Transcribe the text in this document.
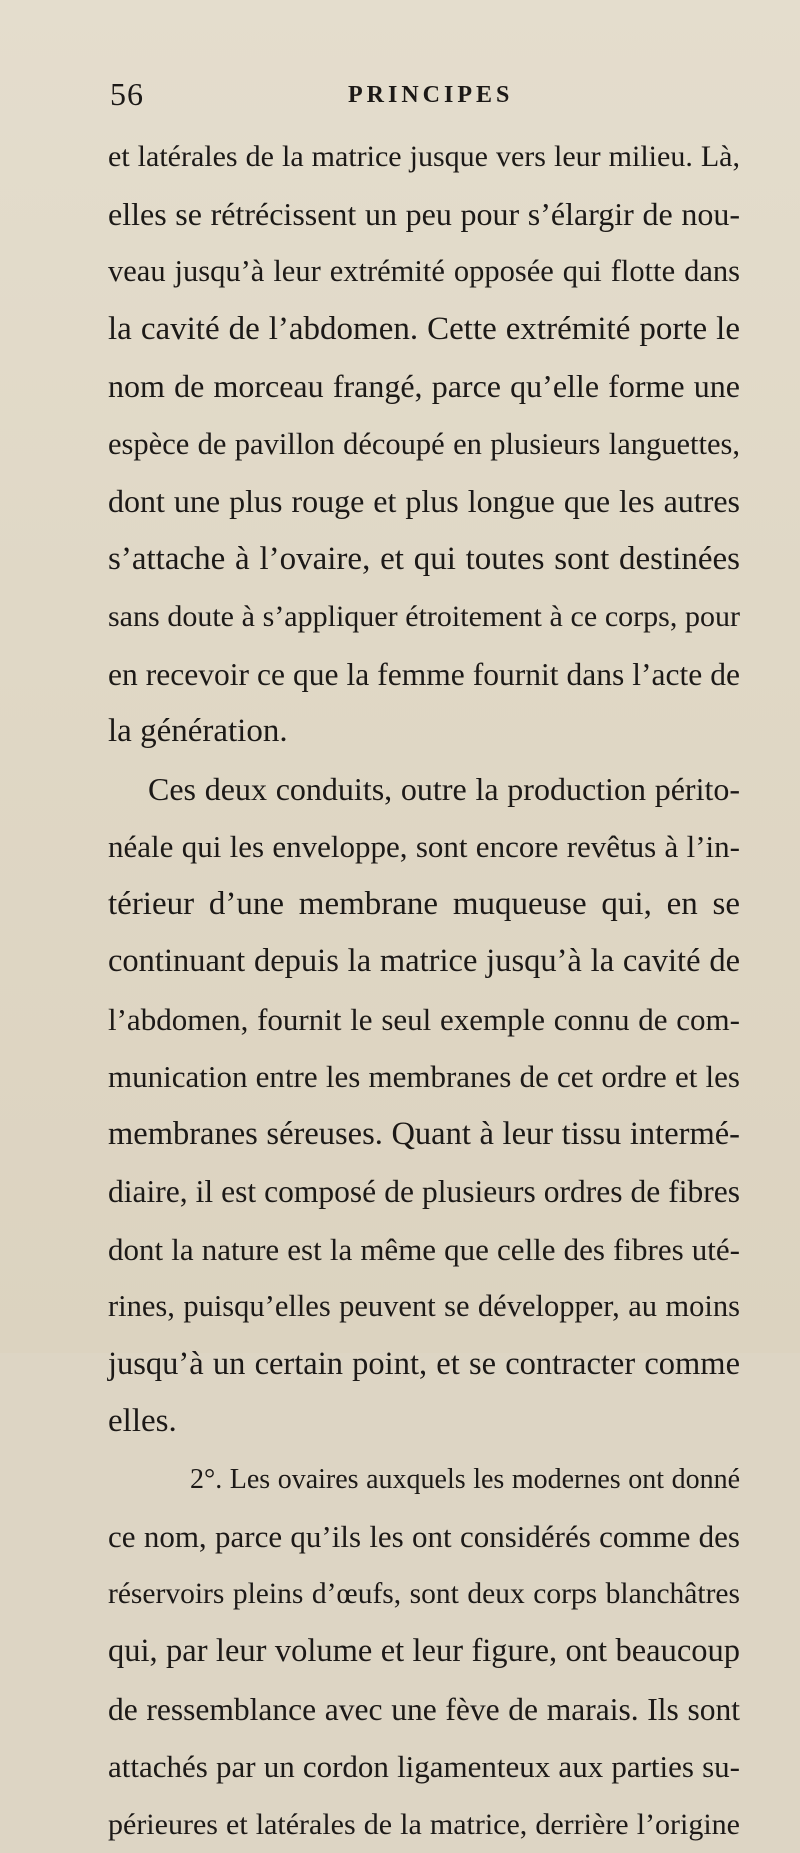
56	PRINCIPES
et latérales de la matrice jusque vers leur milieu. Là,
elles se rétrécissent un peu pour s’élargir de nou-
veau jusqu’à leur extrémité opposée qui flotte dans
la cavité de l’abdomen. Cette extrémité porte le
nom de morceau frangé, parce qu’elle forme une
espèce de pavillon découpé en plusieurs languettes,
dont une plus rouge et plus longue que les autres
s’attache à l’ovaire, et qui toutes sont destinées
sans doute à s’appliquer étroitement à ce corps, pour
en recevoir ce que la femme fournit dans l’acte de
la génération.
Ces deux conduits, outre la production périto-
néale qui les enveloppe, sont encore revêtus à l’in-
térieur d’une membrane muqueuse qui, en se
continuant depuis la matrice jusqu’à la cavité de
l’abdomen, fournit le seul exemple connu de com-
munication entre les membranes de cet ordre et les
membranes séreuses. Quant à leur tissu intermé-
diaire, il est composé de plusieurs ordres de fibres
dont la nature est la même que celle des fibres uté-
rines, puisqu’elles peuvent se développer, au moins
jusqu’à un certain point, et se contracter comme
elles.
2°. Les ovaires auxquels les modernes ont donné
ce nom, parce qu’ils les ont considérés comme des
réservoirs pleins d’œufs, sont deux corps blanchâtres
qui, par leur volume et leur figure, ont beaucoup
de ressemblance avec une fève de marais. Ils sont
attachés par un cordon ligamenteux aux parties su-
périeures et latérales de la matrice, derrière l’origine
